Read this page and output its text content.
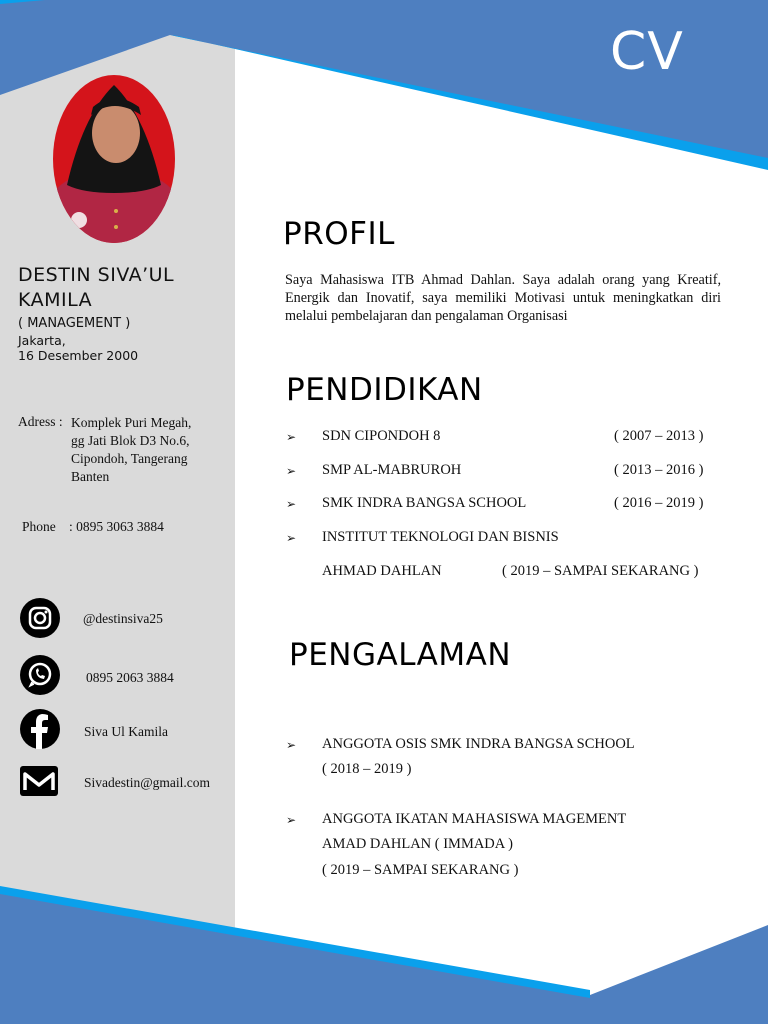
CV
DESTIN SIVA’UL
KAMILA
( MANAGEMENT )
Jakarta,
16 Desember 2000
Adress : Komplek Puri Megah,
gg Jati Blok D3 No.6,
Cipondoh, Tangerang
Banten
Phone : 0895 3063 3884
@destinsiva25
0895 2063 3884
Siva Ul Kamila
Sivadestin@gmail.com
PROFIL
Saya Mahasiswa ITB Ahmad Dahlan. Saya adalah orang yang Kreatif, Energik dan Inovatif, saya memiliki Motivasi untuk meningkatkan diri melalui pembelajaran dan pengalaman Organisasi
PENDIDIKAN
➢ SDN CIPONDOH 8	( 2007 – 2013 )
➢ SMP AL-MABRUROH	( 2013 – 2016 )
➢ SMK INDRA BANGSA SCHOOL	( 2016 – 2019 )
➢ INSTITUT TEKNOLOGI DAN BISNIS
AHMAD DAHLAN	( 2019 – SAMPAI SEKARANG )
PENGALAMAN
➢ ANGGOTA OSIS SMK INDRA BANGSA SCHOOL
( 2018 – 2019 )
➢ ANGGOTA IKATAN MAHASISWA MAGEMENT
AMAD DAHLAN ( IMMADA )
( 2019 – SAMPAI SEKARANG )
